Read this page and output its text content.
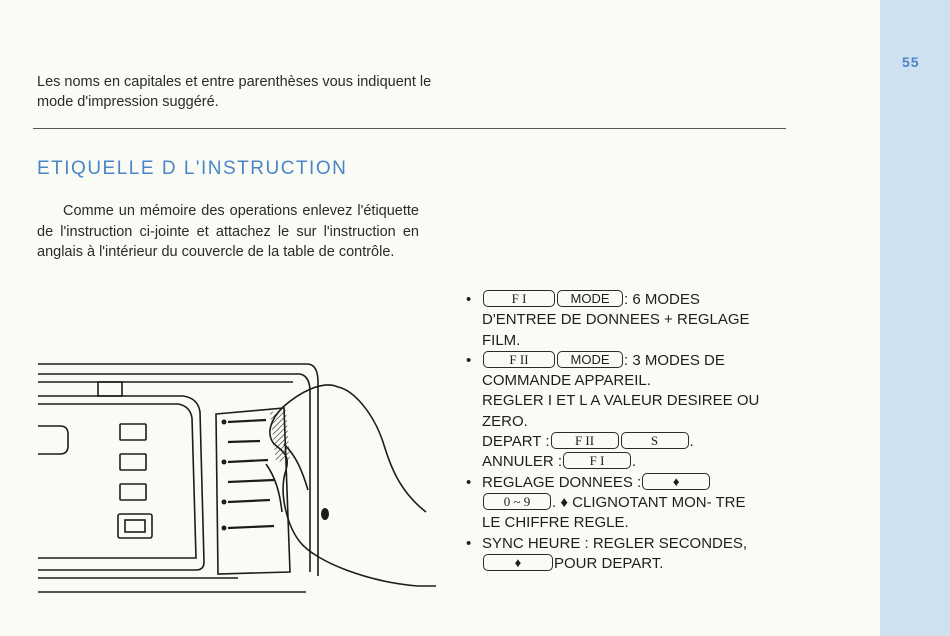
55
Les noms en capitales et entre parenthèses vous indiquent le mode d'impression suggéré.
ETIQUELLE D L'INSTRUCTION
Comme un mémoire des operations enlevez l'étiquette de l'instruction ci-jointe et attachez le sur l'instruction en anglais à l'intérieur du couvercle de la table de contrôle.
•	F I	MODE : 6 MODES D'ENTREE DE DONNEES + REGLAGE FILM.
•	F II	MODE : 3 MODES DE COMMANDE APPAREIL.
REGLER I ET L A VALEUR DESIREE OU ZERO.
DEPART : F II	S .
ANNULER : F I .
• REGLAGE DONNEES : ♦
0 ~ 9 . ♦ CLIGNOTANT MON- TRE LE CHIFFRE REGLE.
• SYNC HEURE : REGLER SECONDES,♦ POUR DEPART.
